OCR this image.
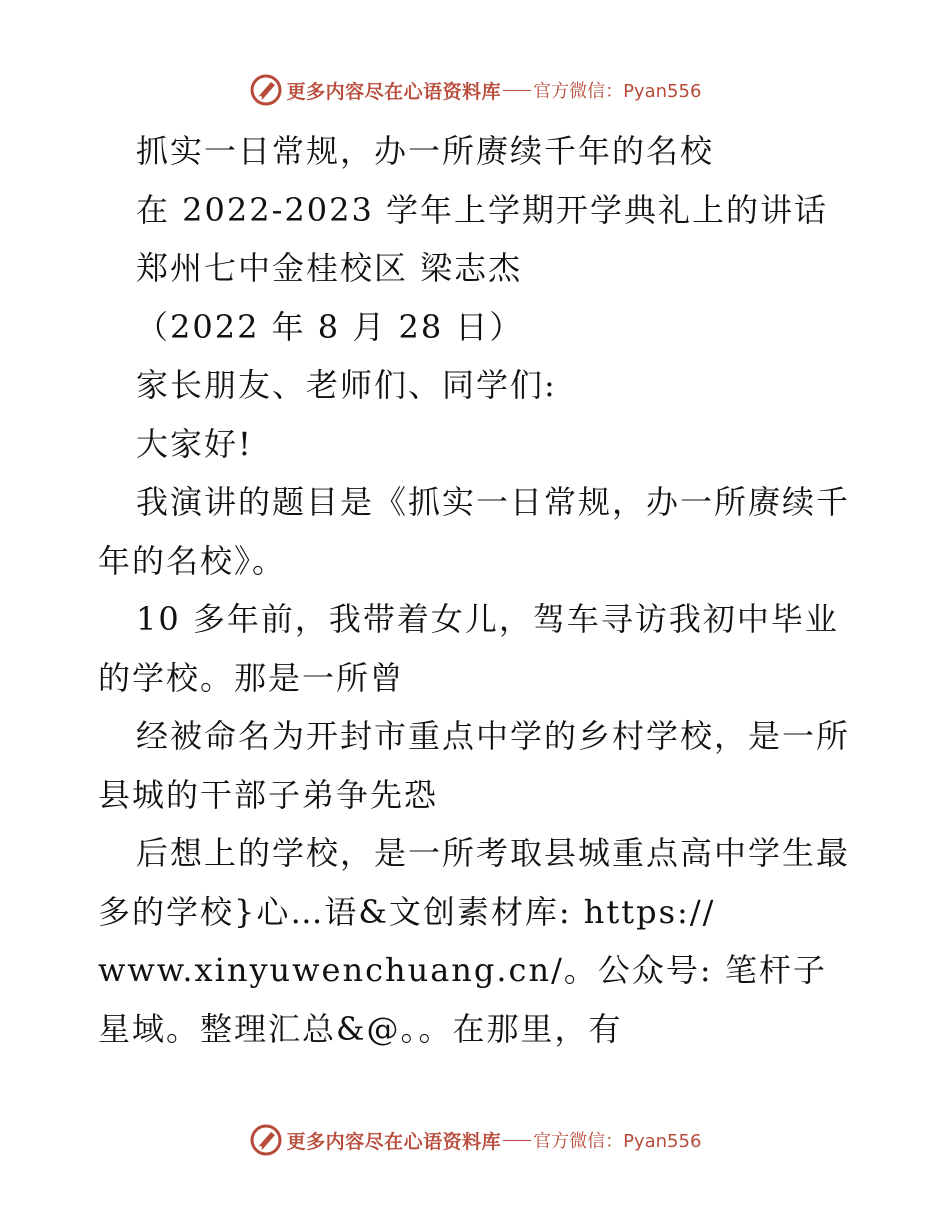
更多内容尽在心语资料库 官方微信：Pyan556

抓实一日常规，办一所赓续千年的名校

在 2022-2023 学年上学期开学典礼上的讲话

郑州七中金桂校区 梁志杰

（2022 年 8 月 28 日）

家长朋友、老师们、同学们:

大家好!

我演讲的题目是《抓实一日常规，办一所赓续千年的名校》。

10 多年前，我带着女儿，驾车寻访我初中毕业的学校。那是一所曾

经被命名为开封市重点中学的乡村学校，是一所县城的干部子弟争先恐

后想上的学校，是一所考取县城重点高中学生最多的学校}心…语&文创素材库: https://

www.xinyuwenchuang.cn/。公众号: 笔杆子星域。整理汇总&@。。在那里，有

更多内容尽在心语资料库 官方微信：Pyan556
